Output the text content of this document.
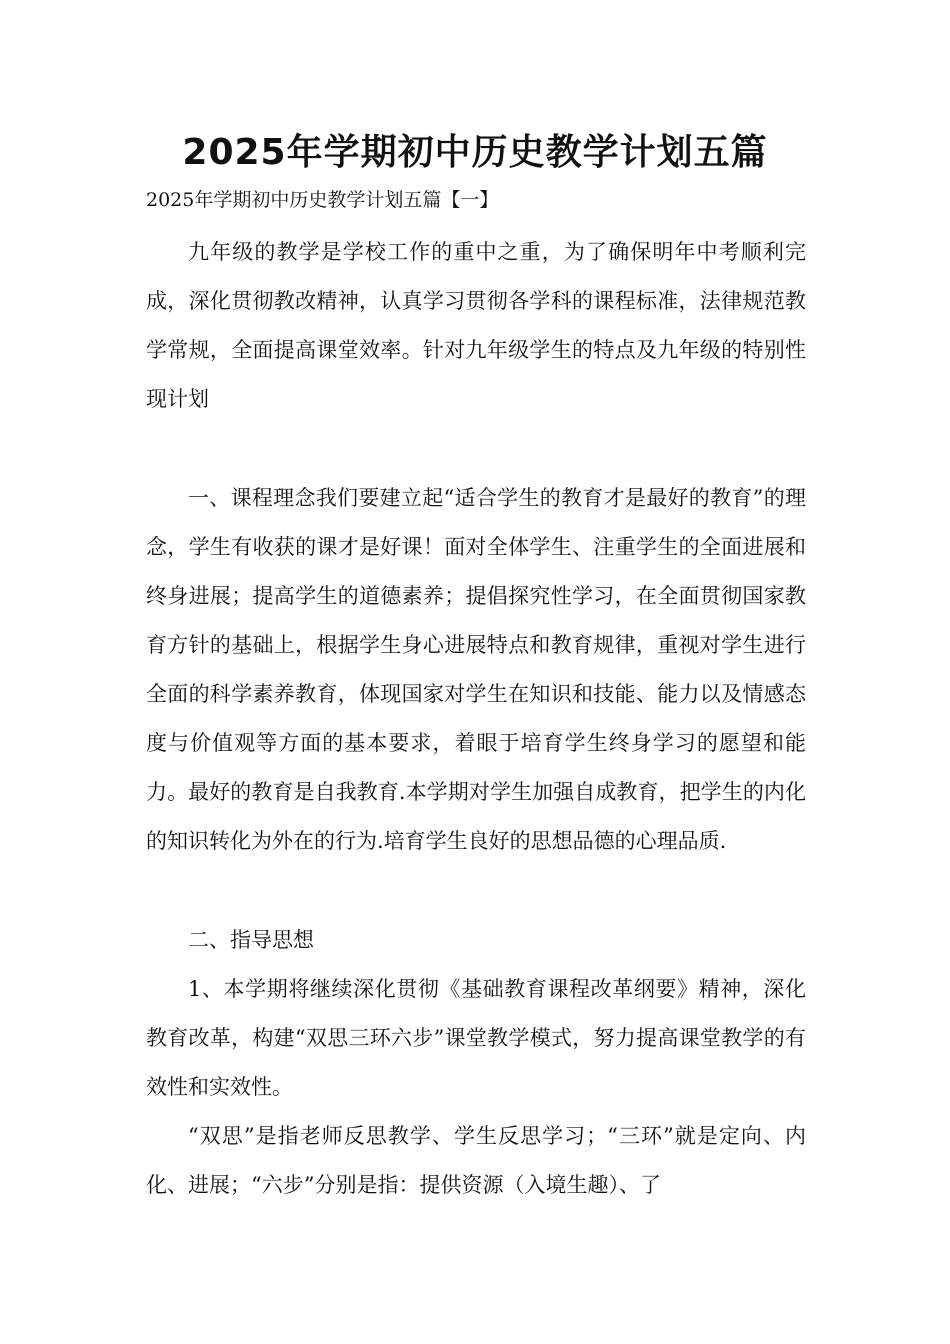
2025年学期初中历史教学计划五篇

2025年学期初中历史教学计划五篇【一】

九年级的教学是学校工作的重中之重，为了确保明年中考顺利完成，深化贯彻教改精神，认真学习贯彻各学科的课程标准，法律规范教学常规，全面提高课堂效率。针对九年级学生的特点及九年级的特别性现计划

一、课程理念我们要建立起“适合学生的教育才是最好的教育”的理念，学生有收获的课才是好课！面对全体学生、注重学生的全面进展和终身进展；提高学生的道德素养；提倡探究性学习，在全面贯彻国家教育方针的基础上，根据学生身心进展特点和教育规律，重视对学生进行全面的科学素养教育，体现国家对学生在知识和技能、能力以及情感态度与价值观等方面的基本要求，着眼于培育学生终身学习的愿望和能力。最好的教育是自我教育.本学期对学生加强自成教育，把学生的内化的知识转化为外在的行为.培育学生良好的思想品德的心理品质.

二、指导思想

1、本学期将继续深化贯彻《基础教育课程改革纲要》精神，深化教育改革，构建“双思三环六步”课堂教学模式，努力提高课堂教学的有效性和实效性。

“双思”是指老师反思教学、学生反思学习；“三环”就是定向、内化、进展；“六步”分别是指：提供资源（入境生趣）、了
